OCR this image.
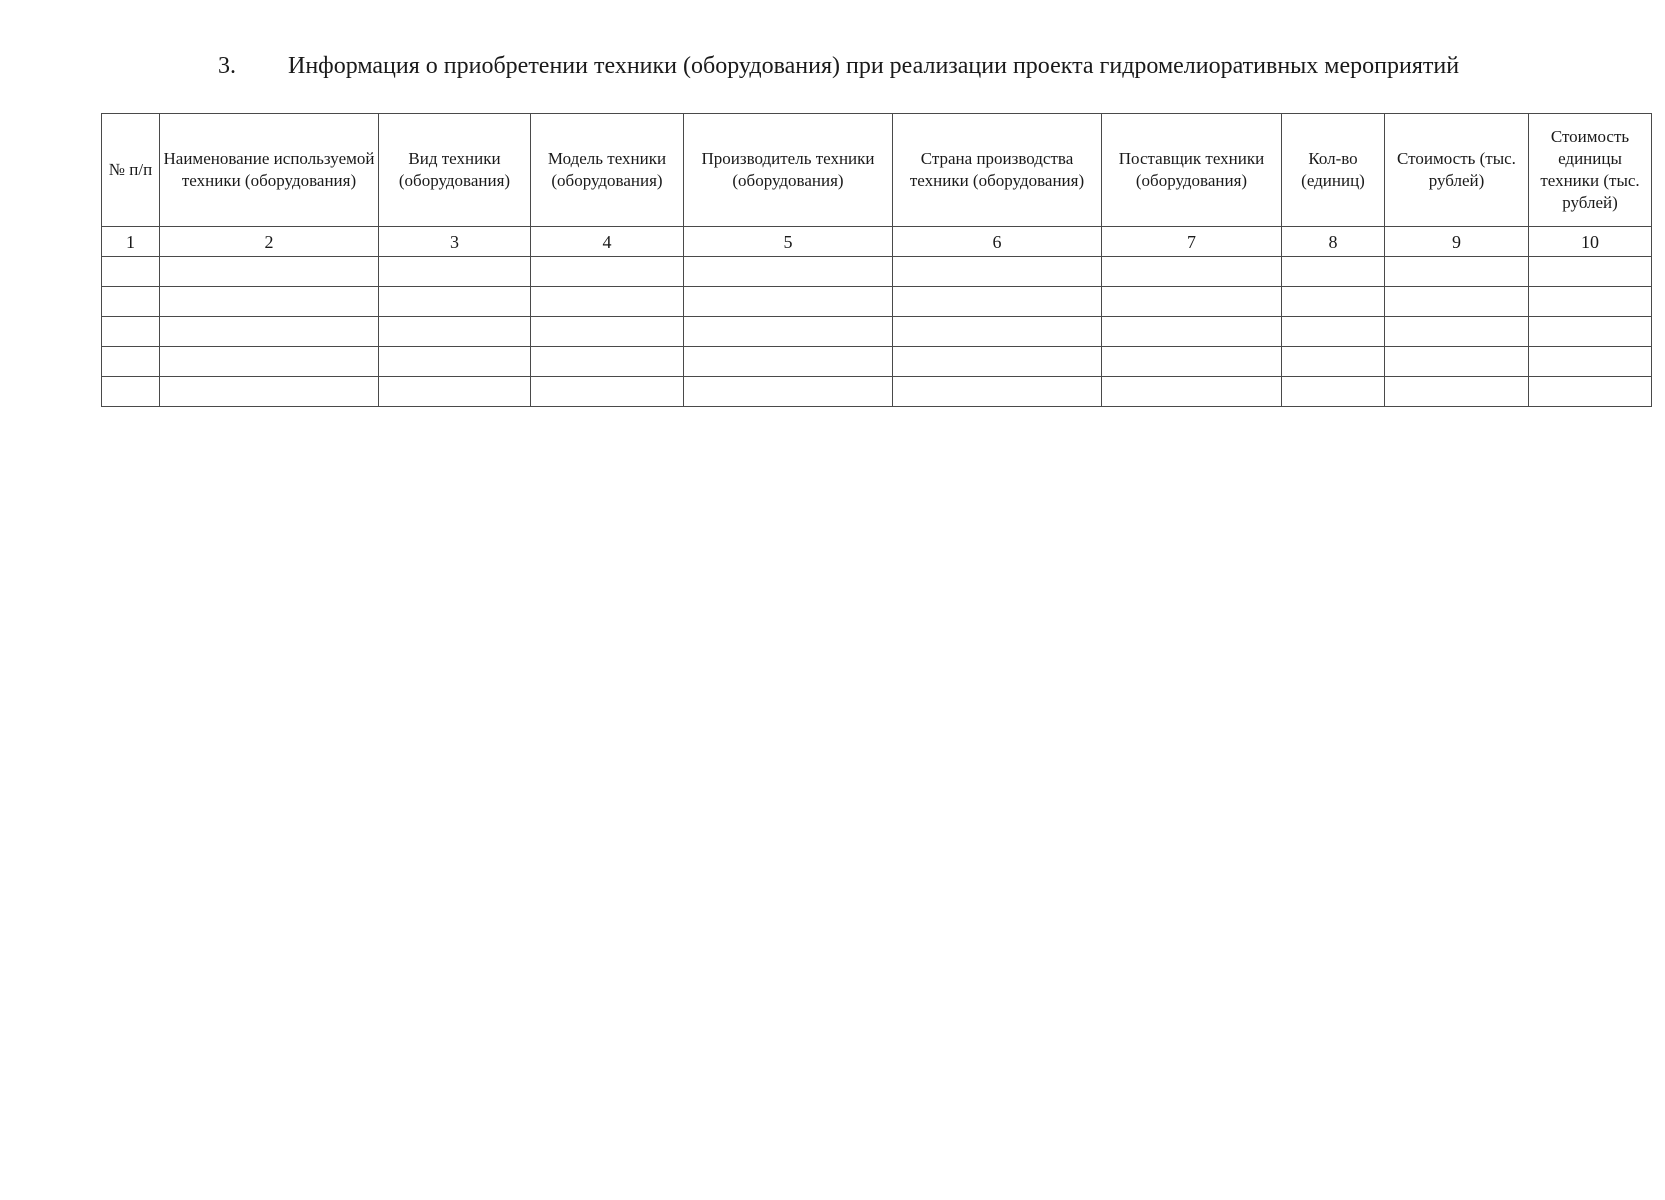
3. Информация о приобретении техники (оборудования) при реализации проекта гидромелиоративных мероприятий
№ п/п	Наименование используемой техники (оборудования)	Вид техники (оборудования)	Модель техники (оборудования)	Производитель техники (оборудования)	Страна производства техники (оборудования)	Поставщик техники (оборудования)	Кол-во (единиц)	Стоимость (тыс. рублей)	Стоимость единицы техники (тыс. рублей)
1	2	3	4	5	6	7	8	9	10
